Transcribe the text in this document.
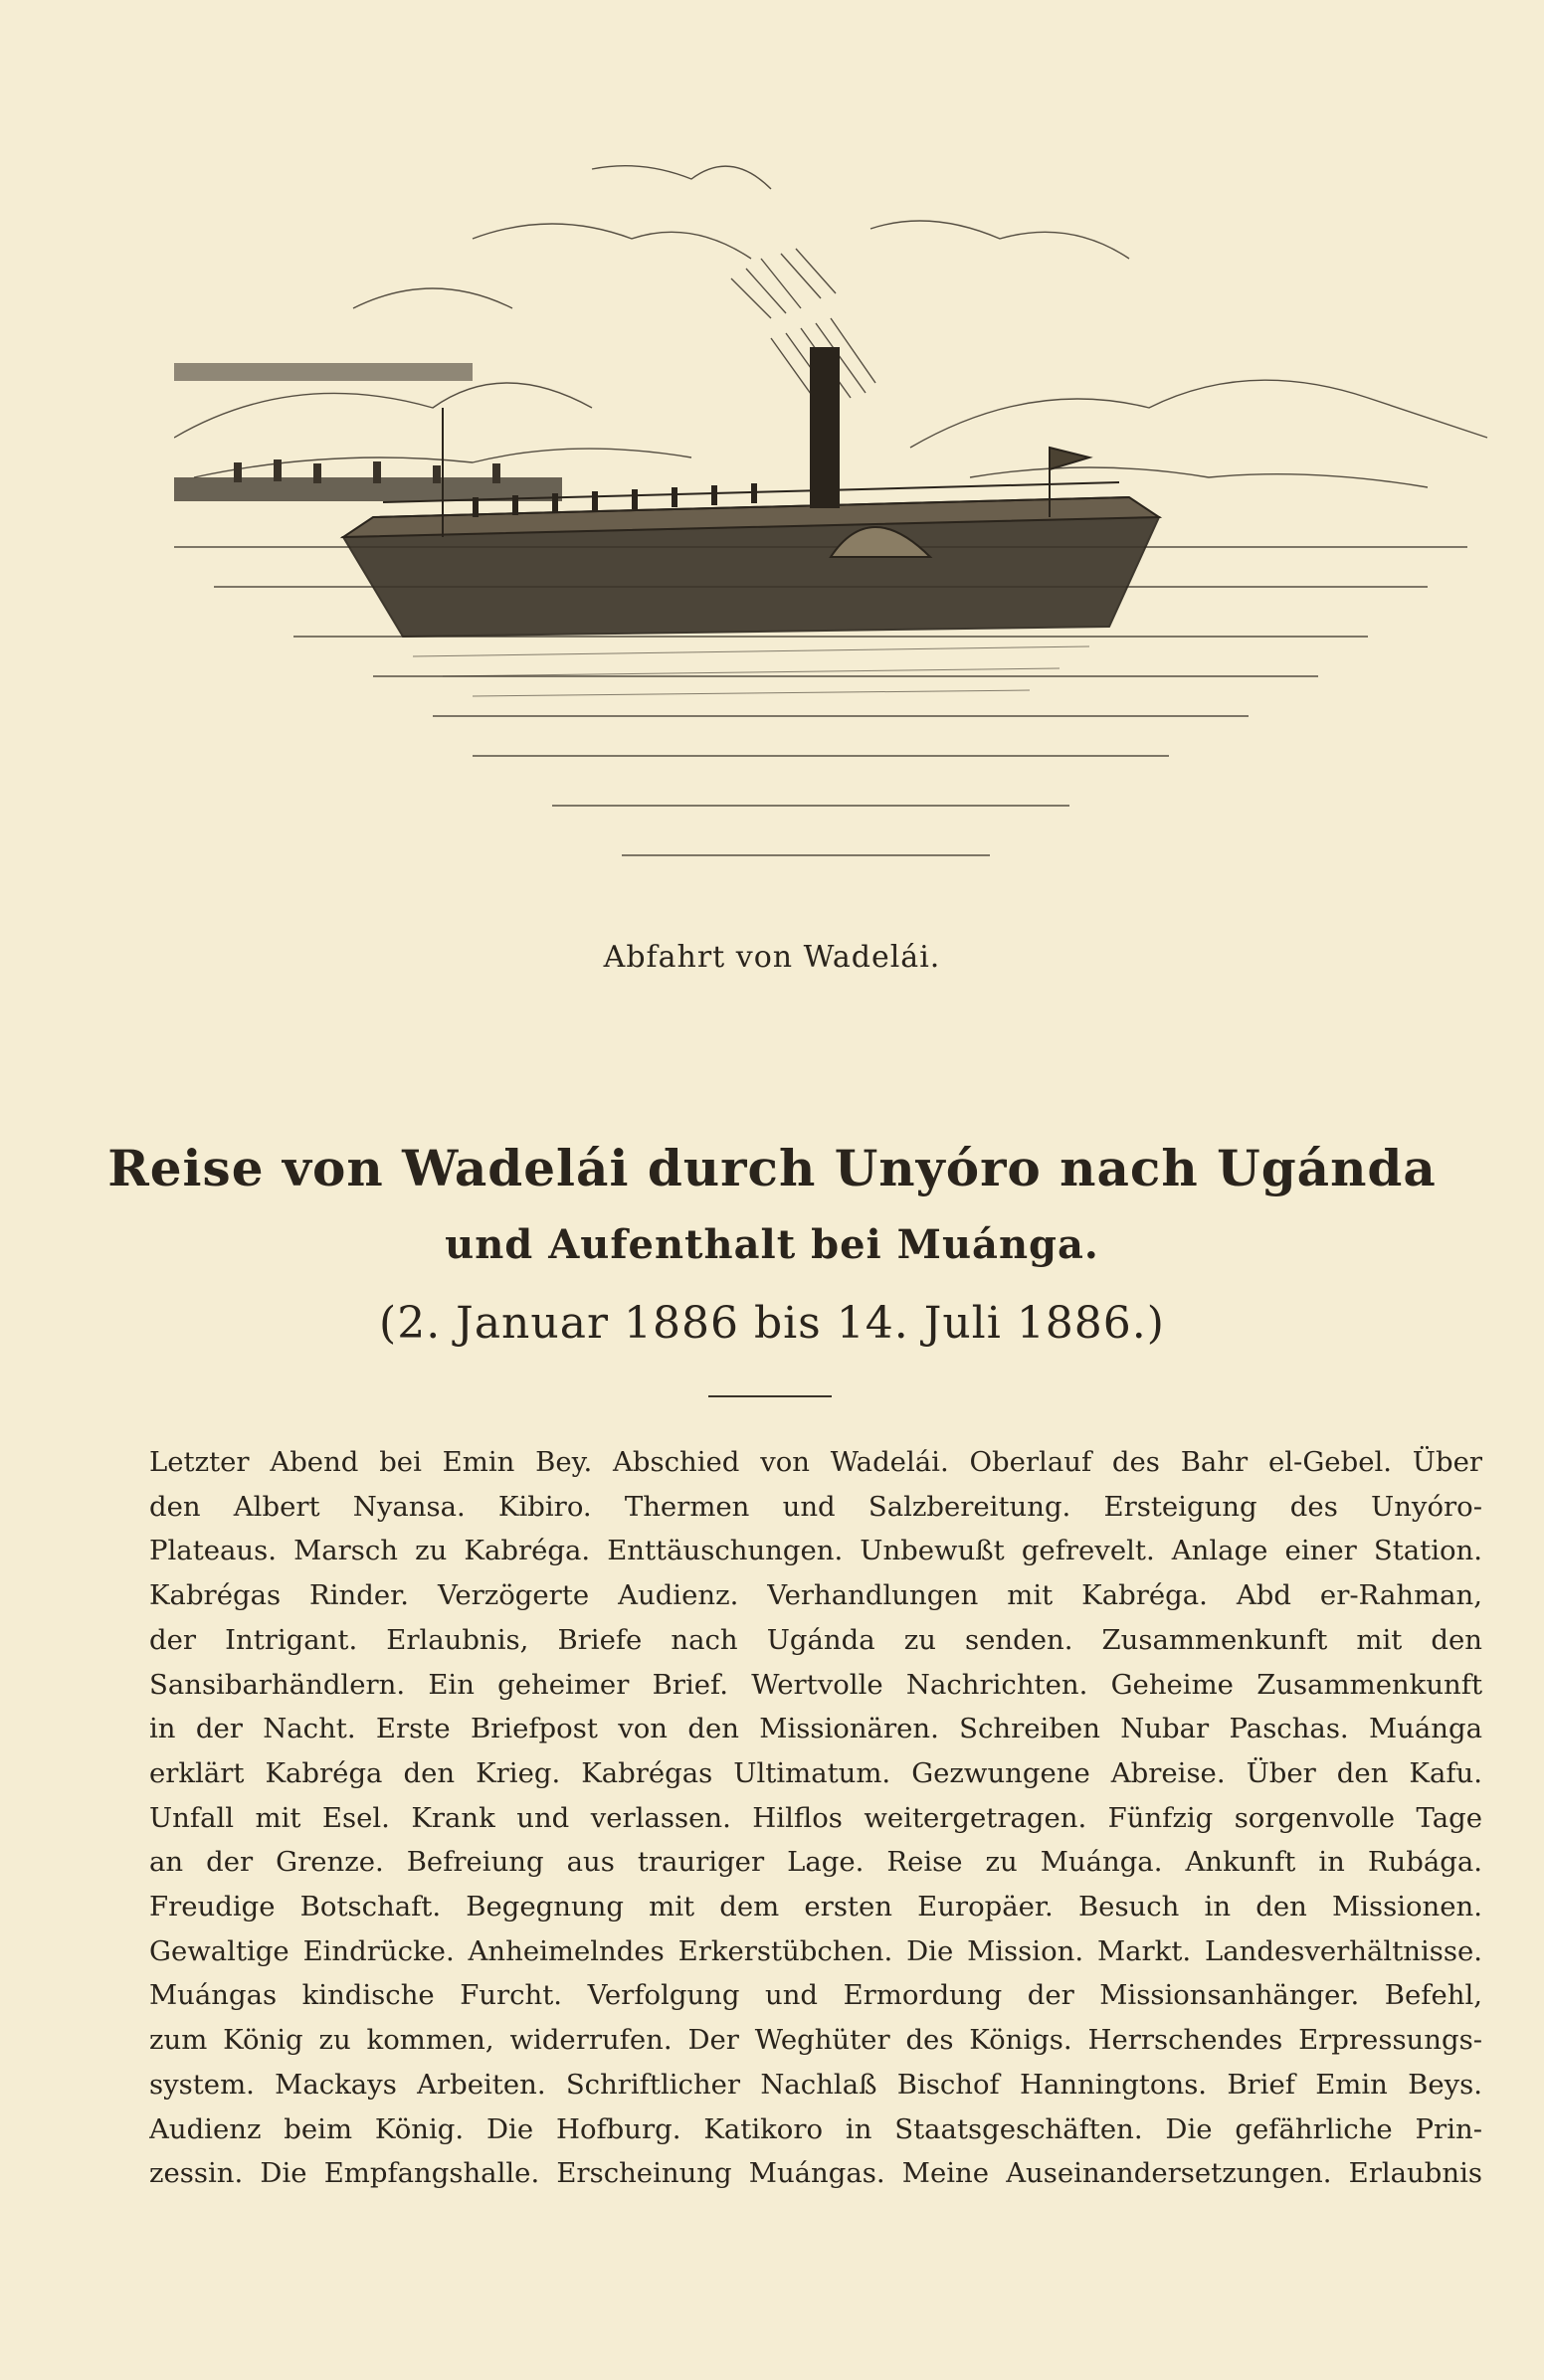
Abfahrt von Wadelái.
Reise von Wadelái durch Unyóro nach Ugánda
und Aufenthalt bei Muánga.
(2. Januar 1886 bis 14. Juli 1886.)
Letzter Abend bei Emin Bey. Abschied von Wadelái. Oberlauf des Bahr el-Gebel. Über
den Albert Nyansa. Kibiro. Thermen und Salzbereitung. Ersteigung des Unyóro-
Plateaus. Marsch zu Kabréga. Enttäuschungen. Unbewußt gefrevelt. Anlage einer Station.
Kabrégas Rinder. Verzögerte Audienz. Verhandlungen mit Kabréga. Abd er-Rahman,
der Intrigant. Erlaubnis, Briefe nach Ugánda zu senden. Zusammenkunft mit den
Sansibarhändlern. Ein geheimer Brief. Wertvolle Nachrichten. Geheime Zusammenkunft
in der Nacht. Erste Briefpost von den Missionären. Schreiben Nubar Paschas. Muánga
erklärt Kabréga den Krieg. Kabrégas Ultimatum. Gezwungene Abreise. Über den Kafu.
Unfall mit Esel. Krank und verlassen. Hilflos weitergetragen. Fünfzig sorgenvolle Tage
an der Grenze. Befreiung aus trauriger Lage. Reise zu Muánga. Ankunft in Rubága.
Freudige Botschaft. Begegnung mit dem ersten Europäer. Besuch in den Missionen.
Gewaltige Eindrücke. Anheimelndes Erkerstübchen. Die Mission. Markt. Landesverhältnisse.
Muángas kindische Furcht. Verfolgung und Ermordung der Missionsanhänger. Befehl,
zum König zu kommen, widerrufen. Der Weghüter des Königs. Herrschendes Erpressungs-
system. Mackays Arbeiten. Schriftlicher Nachlaß Bischof Hanningtons. Brief Emin Beys.
Audienz beim König. Die Hofburg. Katikoro in Staatsgeschäften. Die gefährliche Prin-
zessin. Die Empfangshalle. Erscheinung Muángas. Meine Auseinandersetzungen. Erlaubnis
